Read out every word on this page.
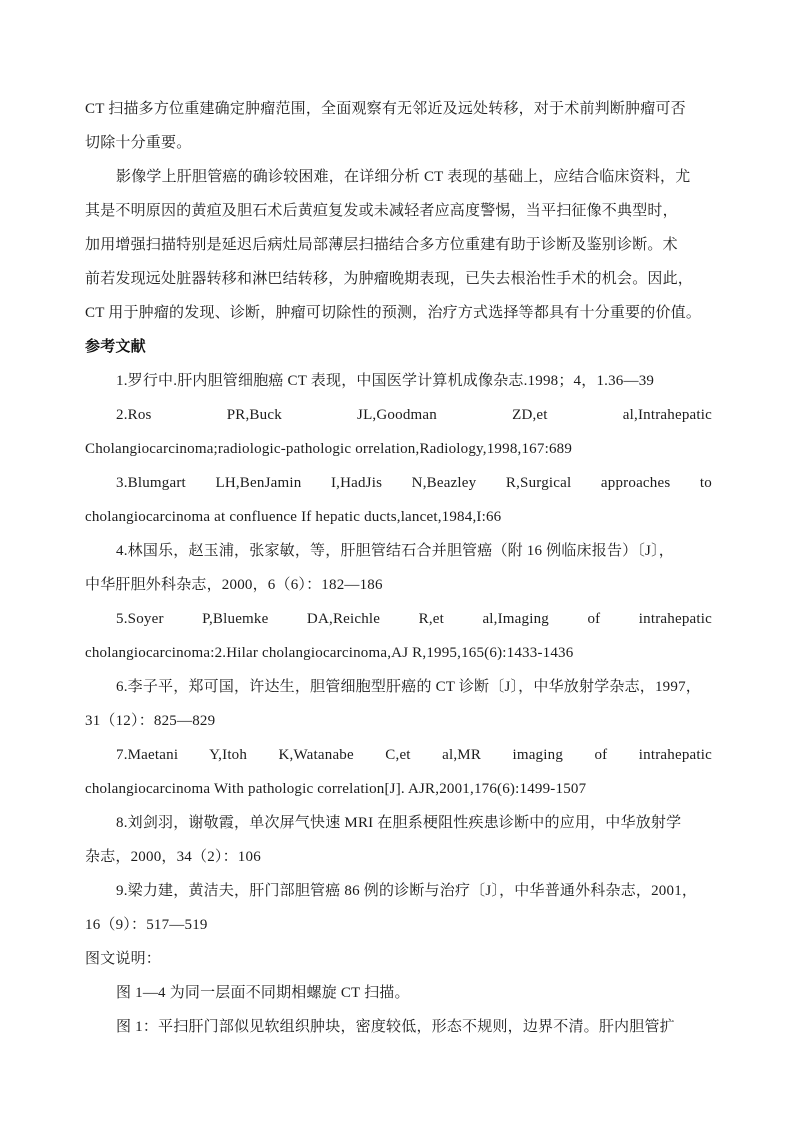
CT 扫描多方位重建确定肿瘤范围，全面观察有无邻近及远处转移，对于术前判断肿瘤可否
切除十分重要。
影像学上肝胆管癌的确诊较困难，在详细分析 CT 表现的基础上，应结合临床资料，尤
其是不明原因的黄疸及胆石术后黄疸复发或未减轻者应高度警惕，当平扫征像不典型时，
加用增强扫描特别是延迟后病灶局部薄层扫描结合多方位重建有助于诊断及鉴别诊断。术
前若发现远处脏器转移和淋巴结转移，为肿瘤晚期表现，已失去根治性手术的机会。因此，
CT 用于肿瘤的发现、诊断，肿瘤可切除性的预测，治疗方式选择等都具有十分重要的价值。
参考文献
1.罗行中.肝内胆管细胞癌 CT 表现，中国医学计算机成像杂志.1998；4，1.36—39
2.Ros PR,Buck JL,Goodman ZD,et al,Intrahepatic
Cholangiocarcinoma;radiologic-pathologic orrelation,Radiology,1998,167:689
3.Blumgart LH,BenJamin I,HadJis N,Beazley R,Surgical approaches to
cholangiocarcinoma at confluence If hepatic ducts,lancet,1984,I:66
4.林国乐，赵玉浦，张家敏，等，肝胆管结石合并胆管癌（附 16 例临床报告）〔J〕，
中华肝胆外科杂志，2000，6（6）：182—186
5.Soyer P,Bluemke DA,Reichle R,et al,Imaging of intrahepatic
cholangiocarcinoma:2.Hilar cholangiocarcinoma,AJ R,1995,165(6):1433-1436
6.李子平，郑可国，许达生，胆管细胞型肝癌的 CT 诊断〔J〕，中华放射学杂志，1997，
31（12）：825—829
7.Maetani Y,Itoh K,Watanabe C,et al,MR imaging of intrahepatic
cholangiocarcinoma With pathologic correlation[J]. AJR,2001,176(6):1499-1507
8.刘剑羽，谢敬霞，单次屏气快速 MRI 在胆系梗阻性疾患诊断中的应用，中华放射学
杂志，2000，34（2）：106
9.梁力建，黄洁夫，肝门部胆管癌 86 例的诊断与治疗〔J〕，中华普通外科杂志，2001，
16（9）：517—519
图文说明：
图 1—4 为同一层面不同期相螺旋 CT 扫描。
图 1：平扫肝门部似见软组织肿块，密度较低，形态不规则，边界不清。肝内胆管扩
